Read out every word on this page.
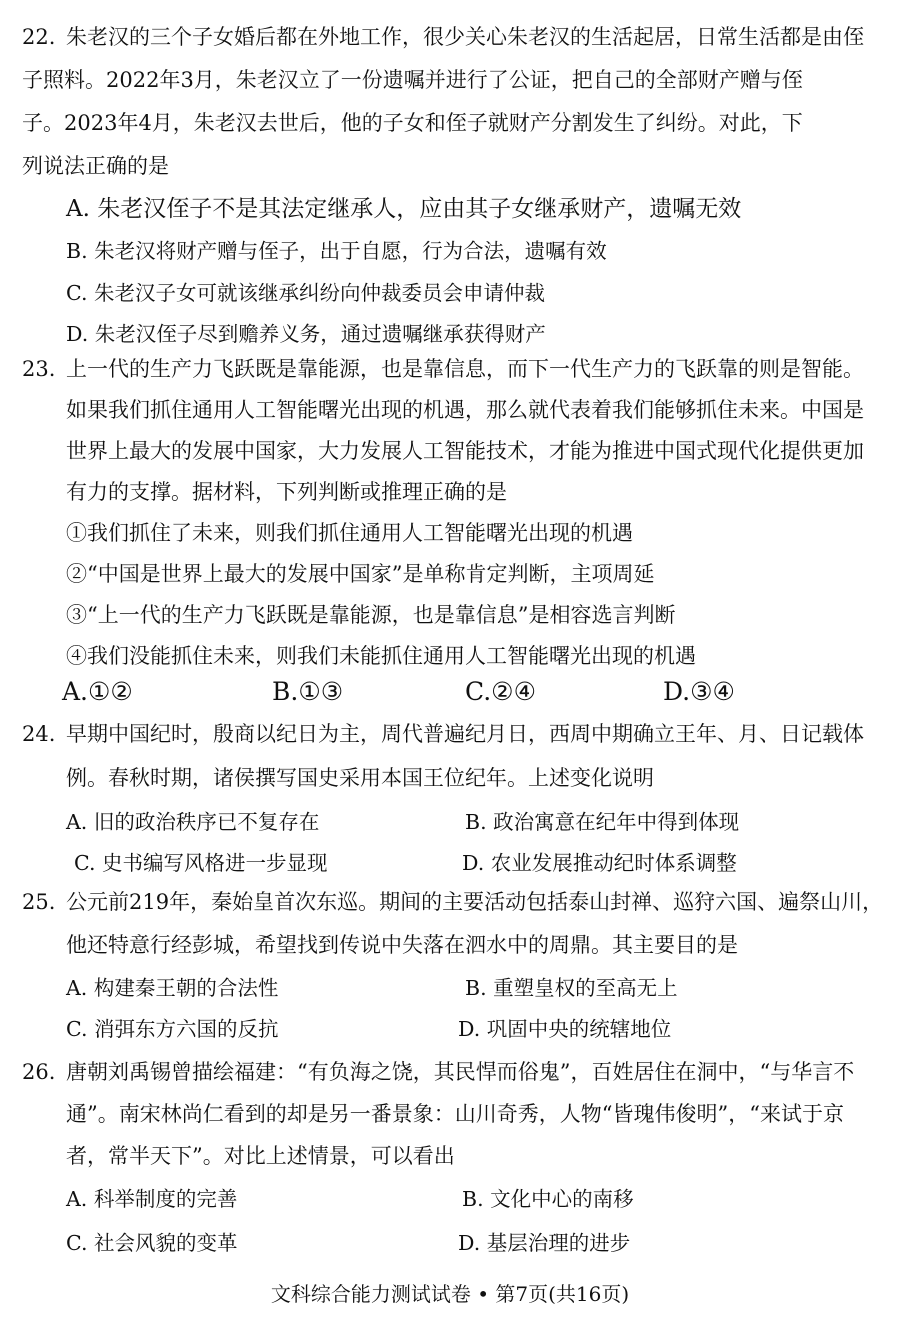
22. 朱老汉的三个子女婚后都在外地工作，很少关心朱老汉的生活起居，日常生活都是由侄
子照料。2022年3月，朱老汉立了一份遗嘱并进行了公证，把自己的全部财产赠与侄
子。2023年4月，朱老汉去世后，他的子女和侄子就财产分割发生了纠纷。对此，下
列说法正确的是
A. 朱老汉侄子不是其法定继承人，应由其子女继承财产，遗嘱无效
B. 朱老汉将财产赠与侄子，出于自愿，行为合法，遗嘱有效
C. 朱老汉子女可就该继承纠纷向仲裁委员会申请仲裁
D. 朱老汉侄子尽到赡养义务，通过遗嘱继承获得财产
23. 上一代的生产力飞跃既是靠能源，也是靠信息，而下一代生产力的飞跃靠的则是智能。
如果我们抓住通用人工智能曙光出现的机遇，那么就代表着我们能够抓住未来。中国是
世界上最大的发展中国家，大力发展人工智能技术，才能为推进中国式现代化提供更加
有力的支撑。据材料，下列判断或推理正确的是
①我们抓住了未来，则我们抓住通用人工智能曙光出现的机遇
②“中国是世界上最大的发展中国家”是单称肯定判断，主项周延
③“上一代的生产力飞跃既是靠能源，也是靠信息”是相容选言判断
④我们没能抓住未来，则我们未能抓住通用人工智能曙光出现的机遇
A.①②	B.①③	C.②④	D.③④
24. 早期中国纪时，殷商以纪日为主，周代普遍纪月日，西周中期确立王年、月、日记载体
例。春秋时期，诸侯撰写国史采用本国王位纪年。上述变化说明
A. 旧的政治秩序已不复存在	B. 政治寓意在纪年中得到体现
C. 史书编写风格进一步显现	D. 农业发展推动纪时体系调整
25. 公元前219年，秦始皇首次东巡。期间的主要活动包括泰山封禅、巡狩六国、遍祭山川，
他还特意行经彭城，希望找到传说中失落在泗水中的周鼎。其主要目的是
A. 构建秦王朝的合法性	B. 重塑皇权的至高无上
C. 消弭东方六国的反抗	D. 巩固中央的统辖地位
26. 唐朝刘禹锡曾描绘福建：“有负海之饶，其民悍而俗鬼”，百姓居住在洞中，“与华言不
通”。南宋林尚仁看到的却是另一番景象：山川奇秀，人物“皆瑰伟俊明”，“来试于京
者，常半天下”。对比上述情景，可以看出
A. 科举制度的完善	B. 文化中心的南移
C. 社会风貌的变革	D. 基层治理的进步
文科综合能力测试试卷 • 第7页(共16页)
